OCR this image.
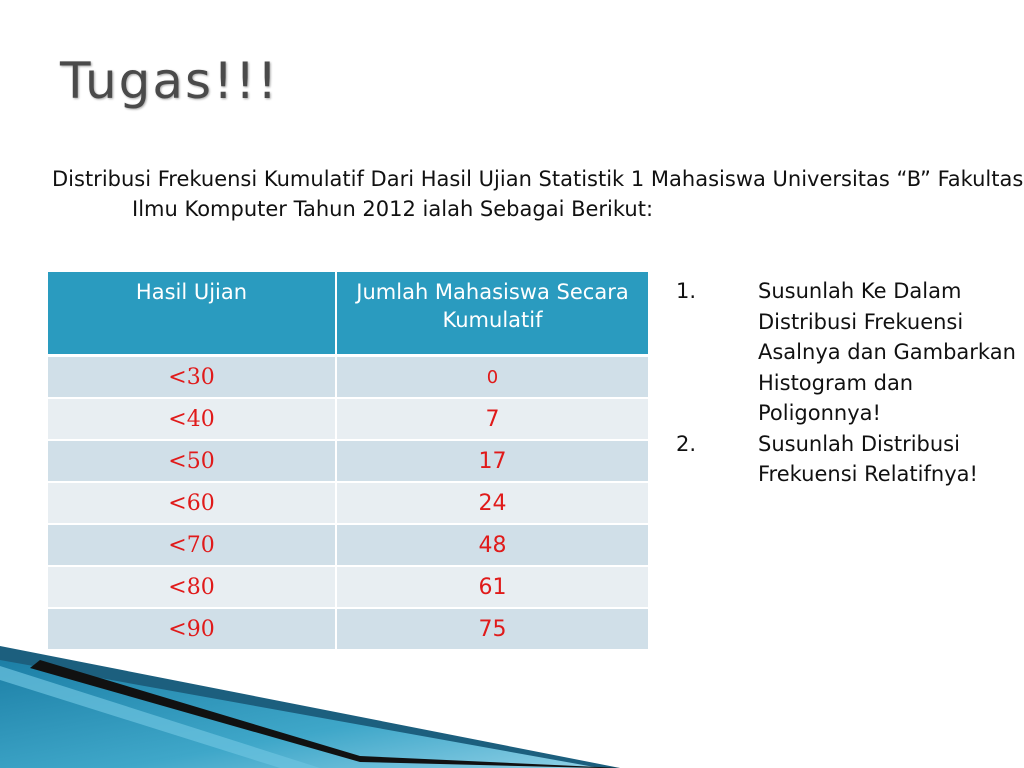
Tugas!!!
Distribusi Frekuensi Kumulatif Dari Hasil Ujian Statistik 1 Mahasiswa Universitas “B” Fakultas Ilmu Komputer Tahun 2012 ialah Sebagai Berikut:
Hasil Ujian	Jumlah Mahasiswa Secara Kumulatif
<30	0
<40	7
<50	17
<60	24
<70	48
<80	61
<90	75
1.	Susunlah Ke Dalam Distribusi Frekuensi Asalnya dan Gambarkan Histogram dan Poligonnya!
2.	Susunlah Distribusi Frekuensi Relatifnya!
